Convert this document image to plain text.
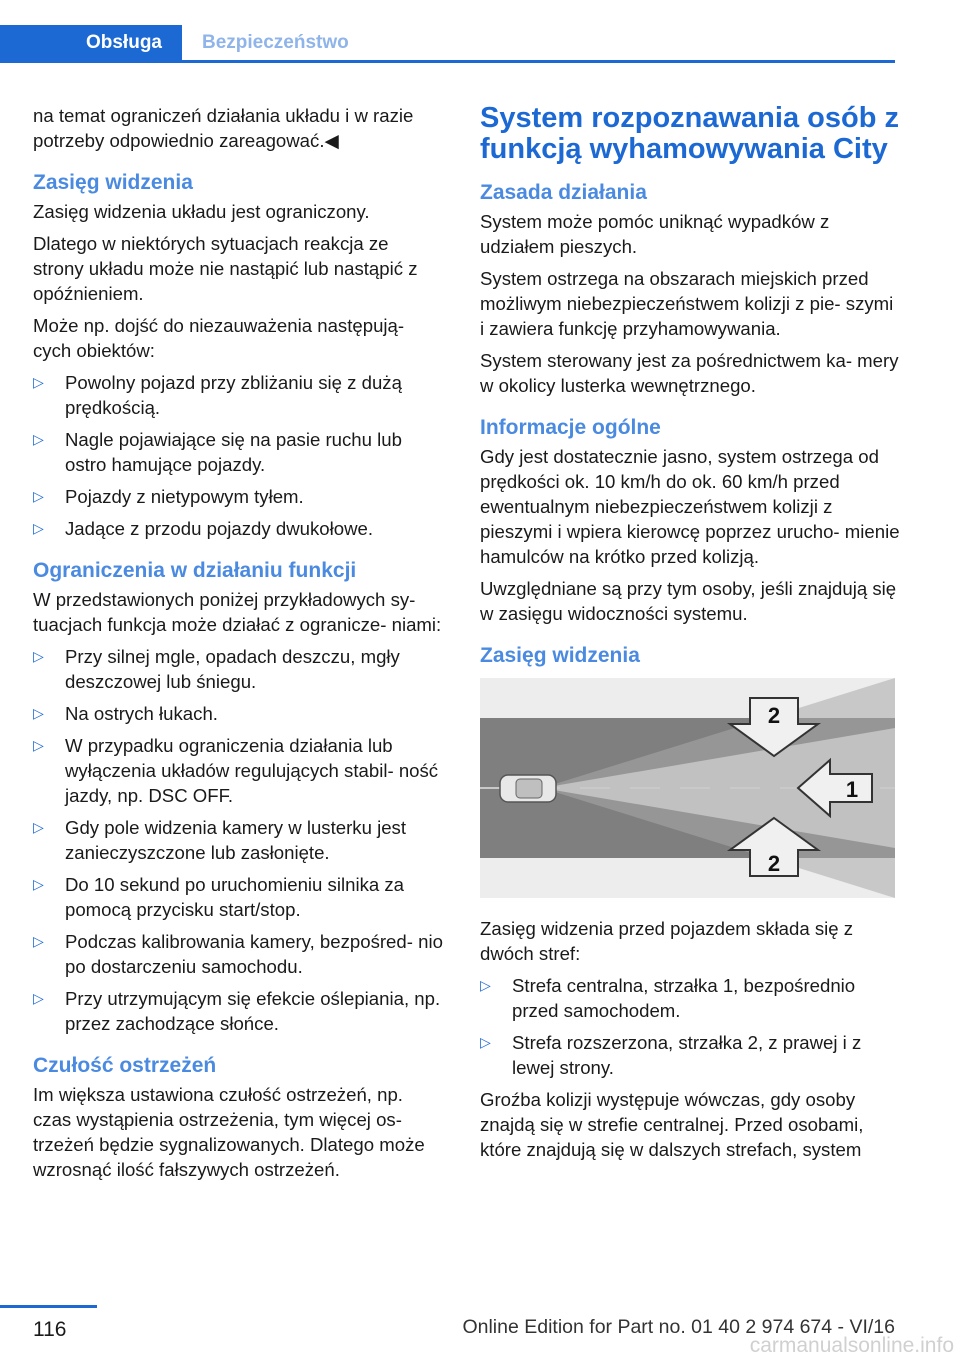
Obsługa	Bezpieczeństwo

na temat ograniczeń działania układu i w razie potrzeby odpowiednio zareagować.◀

Zasięg widzenia

Zasięg widzenia układu jest ograniczony.

Dlatego w niektórych sytuacjach reakcja ze strony układu może nie nastąpić lub nastąpić z opóźnieniem.

Może np. dojść do niezauważenia następują‐ cych obiektów:

▷ Powolny pojazd przy zbliżaniu się z dużą prędkością.
▷ Nagle pojawiające się na pasie ruchu lub ostro hamujące pojazdy.
▷ Pojazdy z nietypowym tyłem.
▷ Jadące z przodu pojazdy dwukołowe.
Ograniczenia w działaniu funkcji

W przedstawionych poniżej przykładowych sy‐ tuacjach funkcja może działać z ogranicze‐ niami:

▷ Przy silnej mgle, opadach deszczu, mgły deszczowej lub śniegu.
▷ Na ostrych łukach.
▷ W przypadku ograniczenia działania lub wyłączenia układów regulujących stabil‐ ność jazdy, np. DSC OFF.
▷ Gdy pole widzenia kamery w lusterku jest zanieczyszczone lub zasłonięte.
▷ Do 10 sekund po uruchomieniu silnika za pomocą przycisku start/stop.
▷ Podczas kalibrowania kamery, bezpośred‐ nio po dostarczeniu samochodu.
▷ Przy utrzymującym się efekcie oślepiania, np. przez zachodzące słońce.
Czułość ostrzeżeń

Im większa ustawiona czułość ostrzeżeń, np. czas wystąpienia ostrzeżenia, tym więcej os‐ trzeżeń będzie sygnalizowanych. Dlatego może wzrosnąć ilość fałszywych ostrzeżeń.

System rozpoznawania osób z funkcją wyhamowywania City
Zasada działania

System może pomóc uniknąć wypadków z udziałem pieszych.

System ostrzega na obszarach miejskich przed możliwym niebezpieczeństwem kolizji z pie‐ szymi i zawiera funkcję przyhamowywania.

System sterowany jest za pośrednictwem ka‐ mery w okolicy lusterka wewnętrznego.

Informacje ogólne

Gdy jest dostatecznie jasno, system ostrzega od prędkości ok. 10 km/h do ok. 60 km/h przed ewentualnym niebezpieczeństwem kolizji z pieszymi i wpiera kierowcę poprzez urucho‐ mienie hamulców na krótko przed kolizją.

Uwzględniane są przy tym osoby, jeśli znajdują się w zasięgu widoczności systemu.

Zasięg widzenia
2
1
2

Zasięg widzenia przed pojazdem składa się z dwóch stref:

▷ Strefa centralna, strzałka 1, bezpośrednio przed samochodem.
▷ Strefa rozszerzona, strzałka 2, z prawej i z lewej strony.

Groźba kolizji występuje wówczas, gdy osoby znajdą się w strefie centralnej. Przed osobami, które znajdują się w dalszych strefach, system

116	Online Edition for Part no. 01 40 2 974 674 - VI/16
carmanualsonline.info
